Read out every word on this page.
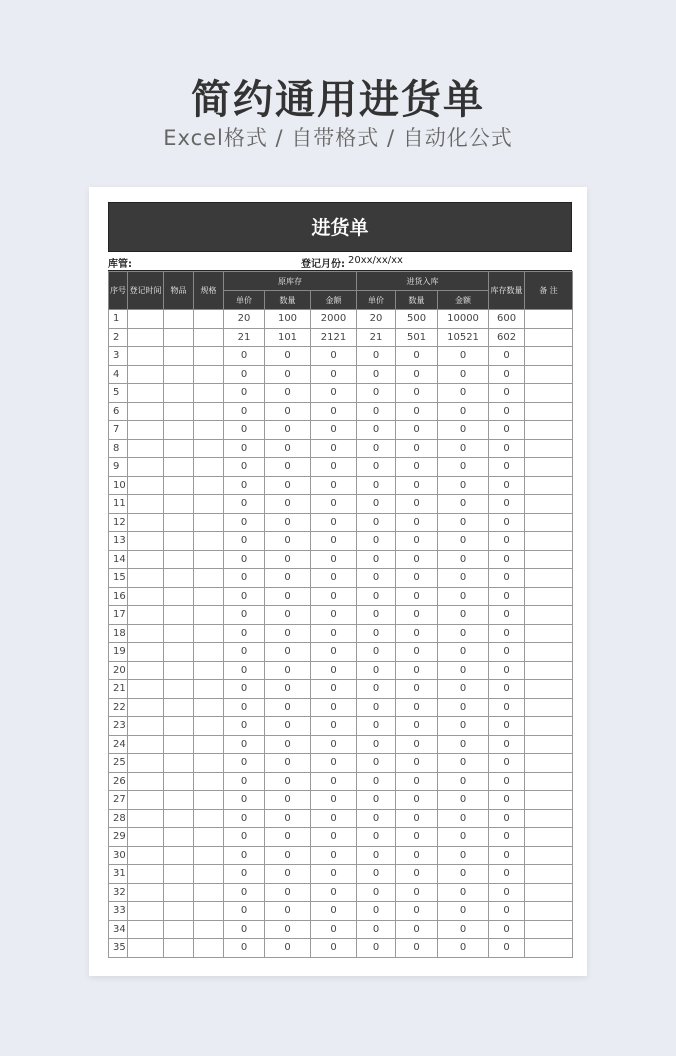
简约通用进货单
Excel格式 / 自带格式 / 自动化公式
进货单
库管:	登记月份: 20xx/xx/xx
序号	登记时间	物品	规格	原库存			进货入库			库存数量	备 注
				单价	数量	金额	单价	数量	金额		
1				20	100	2000	20	500	10000	600	
2				21	101	2121	21	501	10521	602	
3				0	0	0	0	0	0	0	
4				0	0	0	0	0	0	0	
5				0	0	0	0	0	0	0	
6				0	0	0	0	0	0	0	
7				0	0	0	0	0	0	0	
8				0	0	0	0	0	0	0	
9				0	0	0	0	0	0	0	
10				0	0	0	0	0	0	0	
11				0	0	0	0	0	0	0	
12				0	0	0	0	0	0	0	
13				0	0	0	0	0	0	0	
14				0	0	0	0	0	0	0	
15				0	0	0	0	0	0	0	
16				0	0	0	0	0	0	0	
17				0	0	0	0	0	0	0	
18				0	0	0	0	0	0	0	
19				0	0	0	0	0	0	0	
20				0	0	0	0	0	0	0	
21				0	0	0	0	0	0	0	
22				0	0	0	0	0	0	0	
23				0	0	0	0	0	0	0	
24				0	0	0	0	0	0	0	
25				0	0	0	0	0	0	0	
26				0	0	0	0	0	0	0	
27				0	0	0	0	0	0	0	
28				0	0	0	0	0	0	0	
29				0	0	0	0	0	0	0	
30				0	0	0	0	0	0	0	
31				0	0	0	0	0	0	0	
32				0	0	0	0	0	0	0	
33				0	0	0	0	0	0	0	
34				0	0	0	0	0	0	0	
35				0	0	0	0	0	0	0	
